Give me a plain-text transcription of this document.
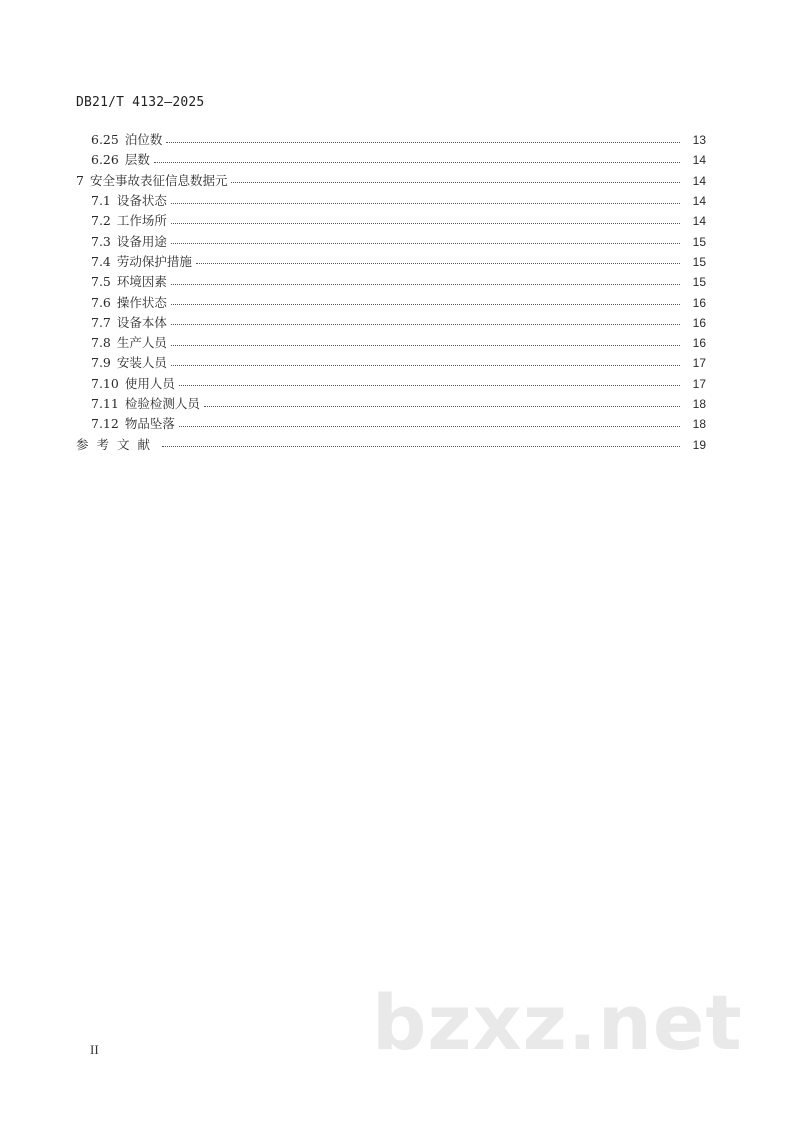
DB21/T 4132—2025
6.25 泊位数	13
6.26 层数	14
7 安全事故表征信息数据元	14
7.1 设备状态	14
7.2 工作场所	14
7.3 设备用途	15
7.4 劳动保护措施	15
7.5 环境因素	15
7.6 操作状态	16
7.7 设备本体	16
7.8 生产人员	16
7.9 安装人员	17
7.10 使用人员	17
7.11 检验检测人员	18
7.12 物品坠落	18
参考文献	19
II	bzxz.net
